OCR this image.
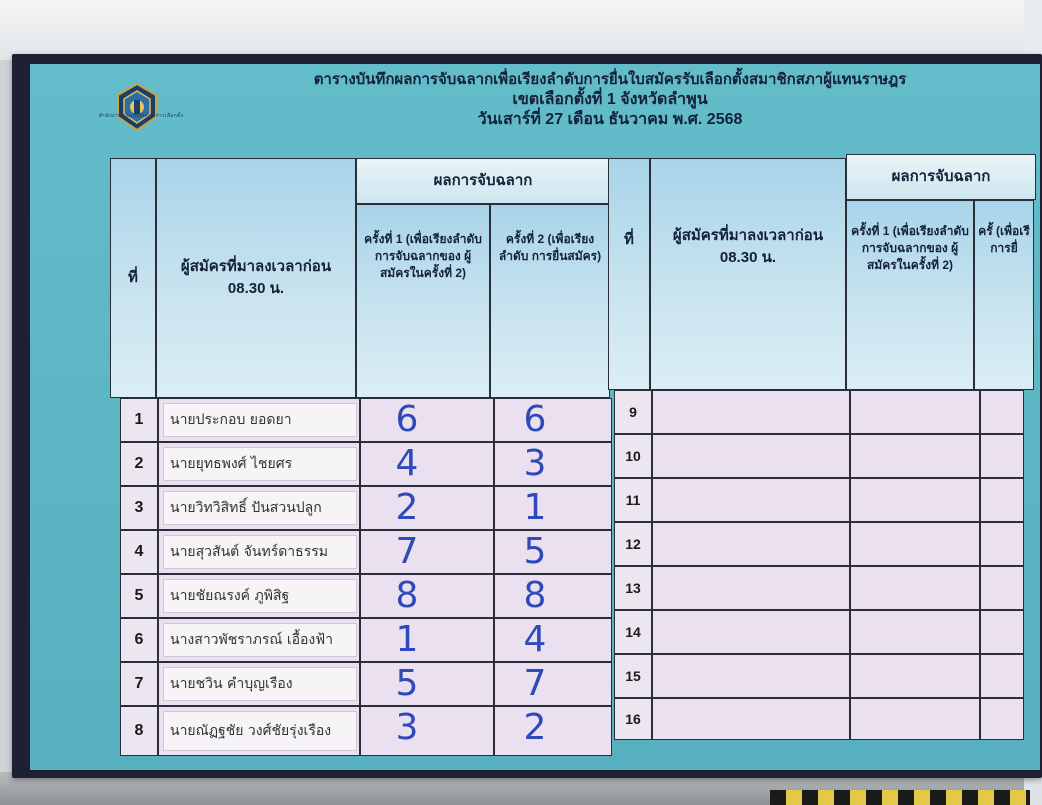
สำนักงานคณะกรรมการการเลือกตั้ง
ตารางบันทึกผลการจับฉลากเพื่อเรียงลำดับการยื่นใบสมัครรับเลือกตั้งสมาชิกสภาผู้แทนราษฎร
เขตเลือกตั้งที่ 1 จังหวัดลำพูน
วันเสาร์ที่ 27 เดือน ธันวาคม พ.ศ. 2568
ที่
ผู้สมัครที่มาลงเวลาก่อน 08.30 น.
ผลการจับฉลาก
ครั้งที่ 1 (เพื่อเรียงลำดับ การจับฉลากของ ผู้สมัครในครั้งที่ 2)
ครั้งที่ 2 (เพื่อเรียงลำดับ การยื่นสมัคร)
ที่	ผู้สมัครที่มาลงเวลาก่อน 08.30 น.
ผลการจับฉลาก
ครั้งที่ 1 (เพื่อเรียงลำดับ การจับฉลากของ ผู้สมัครในครั้งที่ 2)
ครั้ (เพื่อเรี การยื่
1	นายประกอบ ยอดยา	6	6
2	นายยุทธพงศ์ ไชยศร	4	3
3	นายวิทวิสิทธิ์ ปันสวนปลูก	2	1
4	นายสุวสันต์ จันทร์ดาธรรม	7	5
5	นายชัยณรงค์ ภูพิสิฐ	8	8
6	นางสาวพัชราภรณ์ เอื้องฟ้า	1	4
7	นายชวิน คำบุญเรือง	5	7
8	นายณัฏฐชัย วงศ์ชัยรุ่งเรือง	3	2
9
10
11
12
13
14
15
16
